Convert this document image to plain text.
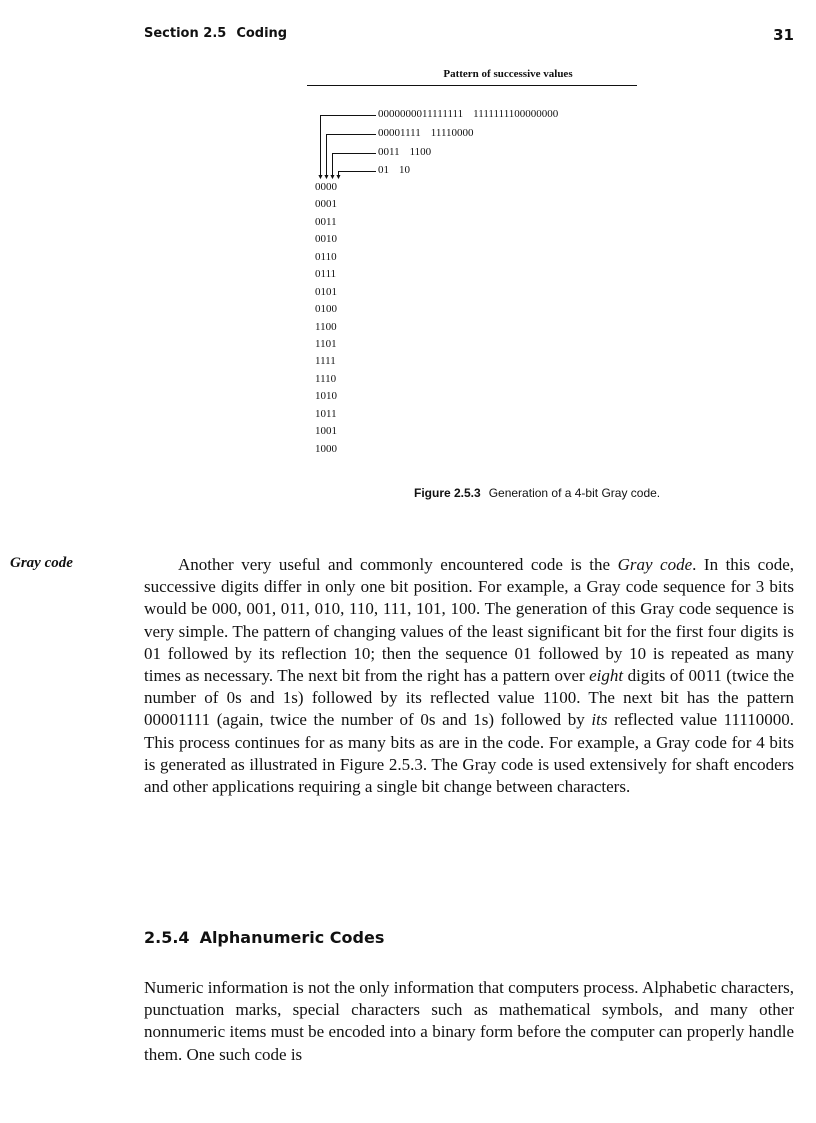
Section 2.5 Coding	31
Pattern of successive values
0000000011111111 1111111100000000
00001111 11110000
0011 1100
01 10
▼ ▼ ▼ ▼
0000
0001
0011
0010
0110
0111
0101
0100
1100
1101
1111
1110
1010
1011
1001
1000
Figure 2.5.3 Generation of a 4-bit Gray code.
Gray code	Another very useful and commonly encountered code is the Gray code. In this code, successive digits differ in only one bit position. For example, a Gray code sequence for 3 bits would be 000, 001, 011, 010, 110, 111, 101, 100. The generation of this Gray code sequence is very simple. The pattern of changing values of the least significant bit for the first four digits is 01 followed by its reflection 10; then the sequence 01 followed by 10 is repeated as many times as necessary. The next bit from the right has a pattern over eight digits of 0011 (twice the number of 0s and 1s) followed by its reflected value 1100. The next bit has the pattern 00001111 (again, twice the number of 0s and 1s) followed by its reflected value 11110000. This process continues for as many bits as are in the code. For example, a Gray code for 4 bits is generated as illustrated in Figure 2.5.3. The Gray code is used extensively for shaft encoders and other applications requiring a single bit change between characters.
2.5.4 Alphanumeric Codes
Numeric information is not the only information that computers process. Alphabetic characters, punctuation marks, special characters such as mathematical symbols, and many other nonnumeric items must be encoded into a binary form before the computer can properly handle them. One such code is
